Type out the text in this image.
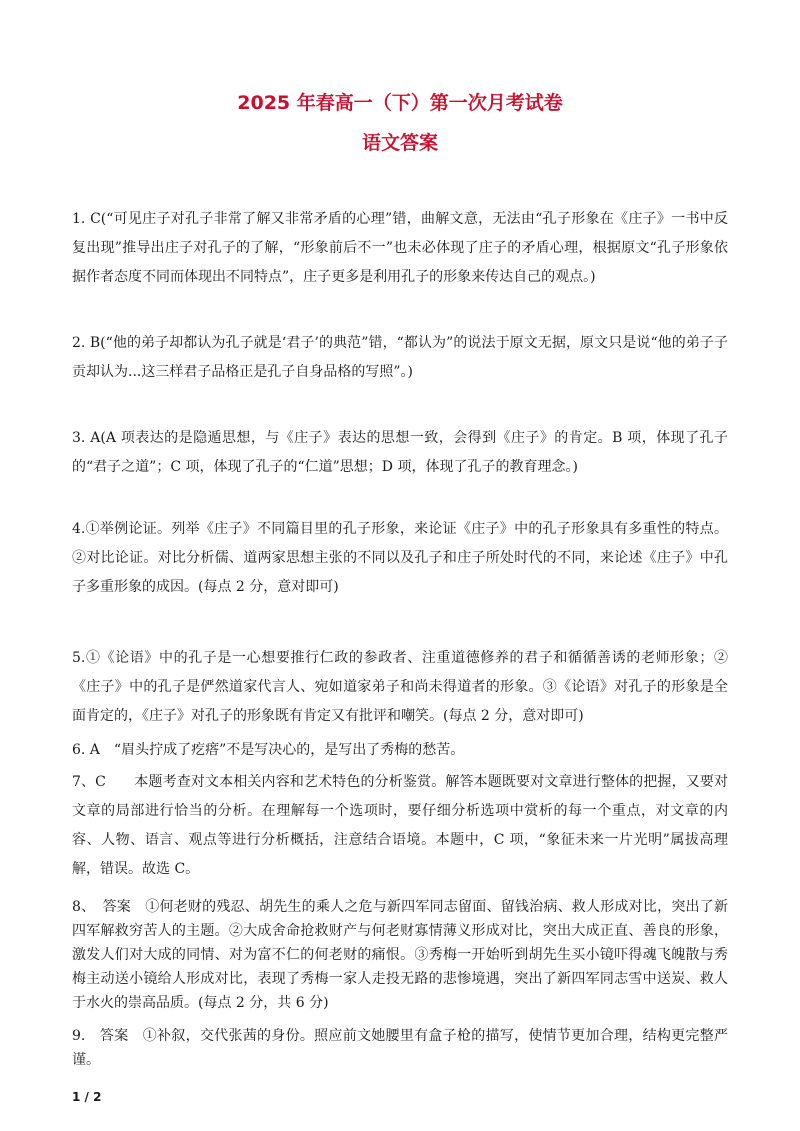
2025 年春高一（下）第一次月考试卷
语文答案

1. C(“可见庄子对孔子非常了解又非常矛盾的心理”错，曲解文意，无法由“孔子形象在《庄子》一书中反复出现”推导出庄子对孔子的了解，“形象前后不一”也未必体现了庄子的矛盾心理，根据原文“孔子形象依据作者态度不同而体现出不同特点”，庄子更多是利用孔子的形象来传达自己的观点。)

2. B(“他的弟子却都认为孔子就是‘君子’的典范”错，“都认为”的说法于原文无据，原文只是说“他的弟子子贡却认为...这三样君子品格正是孔子自身品格的写照”。)

3. A(A 项表达的是隐遁思想，与《庄子》表达的思想一致，会得到《庄子》的肯定。B 项，体现了孔子的“君子之道”；C 项，体现了孔子的“仁道”思想；D 项，体现了孔子的教育理念。)

4.①举例论证。列举《庄子》不同篇目里的孔子形象，来论证《庄子》中的孔子形象具有多重性的特点。②对比论证。对比分析儒、道两家思想主张的不同以及孔子和庄子所处时代的不同，来论述《庄子》中孔子多重形象的成因。(每点 2 分，意对即可)

5.①《论语》中的孔子是一心想要推行仁政的参政者、注重道德修养的君子和循循善诱的老师形象；②《庄子》中的孔子是俨然道家代言人、宛如道家弟子和尚未得道者的形象。③《论语》对孔子的形象是全面肯定的，《庄子》对孔子的形象既有肯定又有批评和嘲笑。(每点 2 分，意对即可)

6. A　“眉头拧成了疙瘩”不是写决心的，是写出了秀梅的愁苦。

7、C　　本题考查对文本相关内容和艺术特色的分析鉴赏。解答本题既要对文章进行整体的把握，又要对文章的局部进行恰当的分析。在理解每一个选项时，要仔细分析选项中赏析的每一个重点，对文章的内容、人物、语言、观点等进行分析概括，注意结合语境。本题中，C 项，“象征未来一片光明”属拔高理解，错误。故选 C。

8、　答案　①何老财的残忍、胡先生的乘人之危与新四军同志留面、留钱治病、救人形成对比，突出了新四军解救穷苦人的主题。②大成舍命抢救财产与何老财寡情薄义形成对比，突出大成正直、善良的形象，激发人们对大成的同情、对为富不仁的何老财的痛恨。③秀梅一开始听到胡先生买小镜吓得魂飞魄散与秀梅主动送小镜给人形成对比，表现了秀梅一家人走投无路的悲惨境遇，突出了新四军同志雪中送炭、救人于水火的崇高品质。(每点 2 分，共 6 分)

9.　答案　①补叙，交代张茜的身份。照应前文她腰里有盒子枪的描写，使情节更加合理，结构更完整严谨。

1 / 2
